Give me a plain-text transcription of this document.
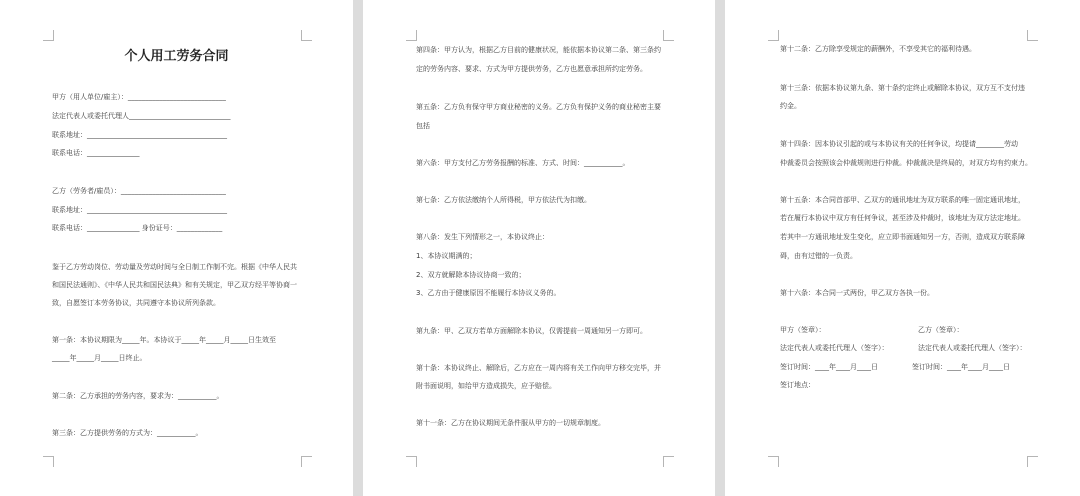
个人用工劳务合同
甲方（用人单位/雇主）：____________________________
法定代表人或委托代理人_____________________________
联系地址：________________________________________
联系电话：_______________
乙方（劳务者/雇员）：______________________________
联系地址：________________________________________
联系电话：_______________ 身份证号：_____________
鉴于乙方劳动岗位、劳动量及劳动时间与全日制工作制不完。根据《中华人民共
和国民法通则》、《中华人民共和国民法典》和有关规定，甲乙双方经平等协商一
致，自愿签订本劳务协议，共同遵守本协议所列条款。
第一条：本协议期限为_____年。本协议于_____年_____月_____日生效至
_____年_____月_____日终止。
第二条：乙方承担的劳务内容，要求为：___________。
第三条：乙方提供劳务的方式为：___________。
第四条：甲方认为，根据乙方目前的健康状况，能依据本协议第二条、第三条约
定的劳务内容、要求、方式为甲方提供劳务，乙方也愿意承担所约定劳务。
第五条：乙方负有保守甲方商业秘密的义务。乙方负有保护义务的商业秘密主要
包括
第六条：甲方支付乙方劳务报酬的标准、方式、时间：___________。
第七条：乙方依法缴纳个人所得税，甲方依法代为扣缴。
第八条：发生下列情形之一，本协议终止：
1、本协议期满的；
2、双方就解除本协议协商一致的；
3、乙方由于健康原因不能履行本协议义务的。
第九条：甲、乙双方若单方面解除本协议，仅需提前一周通知另一方即可。
第十条：本协议终止、解除后，乙方应在一周内将有关工作向甲方移交完毕，并
附书面说明，如给甲方造成损失，应予赔偿。
第十一条：乙方在协议期间无条件服从甲方的一切规章制度。
第十二条：乙方除享受规定的薪酬外，不享受其它的福利待遇。
第十三条：依据本协议第九条、第十条约定终止或解除本协议，双方互不支付违
约金。
第十四条：因本协议引起的或与本协议有关的任何争议，均提请________劳动
仲裁委员会按照该会仲裁规则进行仲裁。仲裁裁决是终局的，对双方均有约束力。
第十五条：本合同首部甲、乙双方的通讯地址为双方联系的唯一固定通讯地址，
若在履行本协议中双方有任何争议，甚至涉及仲裁时，该地址为双方法定地址。
若其中一方通讯地址发生变化，应立即书面通知另一方，否则，造成双方联系障
碍，由有过错的一负责。
第十六条：本合同一式两份，甲乙双方各执一份。
甲方（签章）：	乙方（签章）：
法定代表人或委托代理人（签字）：	法定代表人或委托代理人（签字）：
签订时间：____年____月____日	签订时间：____年____月____日
签订地点：
